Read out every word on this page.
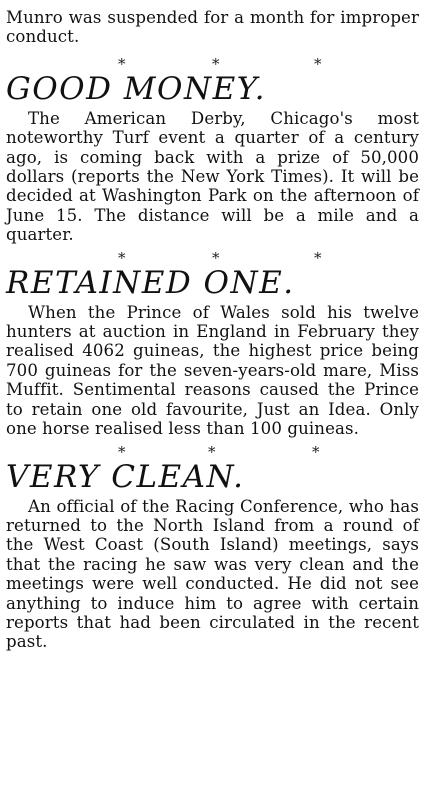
Munro was suspended for a month for improper conduct.

*	*	*
GOOD MONEY.

The American Derby, Chicago's most noteworthy Turf event a quarter of a century ago, is coming back with a prize of 50,000 dollars (reports the New York Times). It will be decided at Washington Park on the afternoon of June 15. The distance will be a mile and a quarter.

*	*	*
RETAINED ONE.

When the Prince of Wales sold his twelve hunters at auction in England in February they realised 4062 guineas, the highest price being 700 guineas for the seven-years-old mare, Miss Muffit. Sentimental reasons caused the Prince to retain one old favourite, Just an Idea. Only one horse realised less than 100 guineas.

*	*	*
VERY CLEAN.

An official of the Racing Conference, who has returned to the North Island from a round of the West Coast (South Island) meetings, says that the racing he saw was very clean and the meetings were well conducted. He did not see anything to induce him to agree with certain reports that had been circulated in the recent past.
